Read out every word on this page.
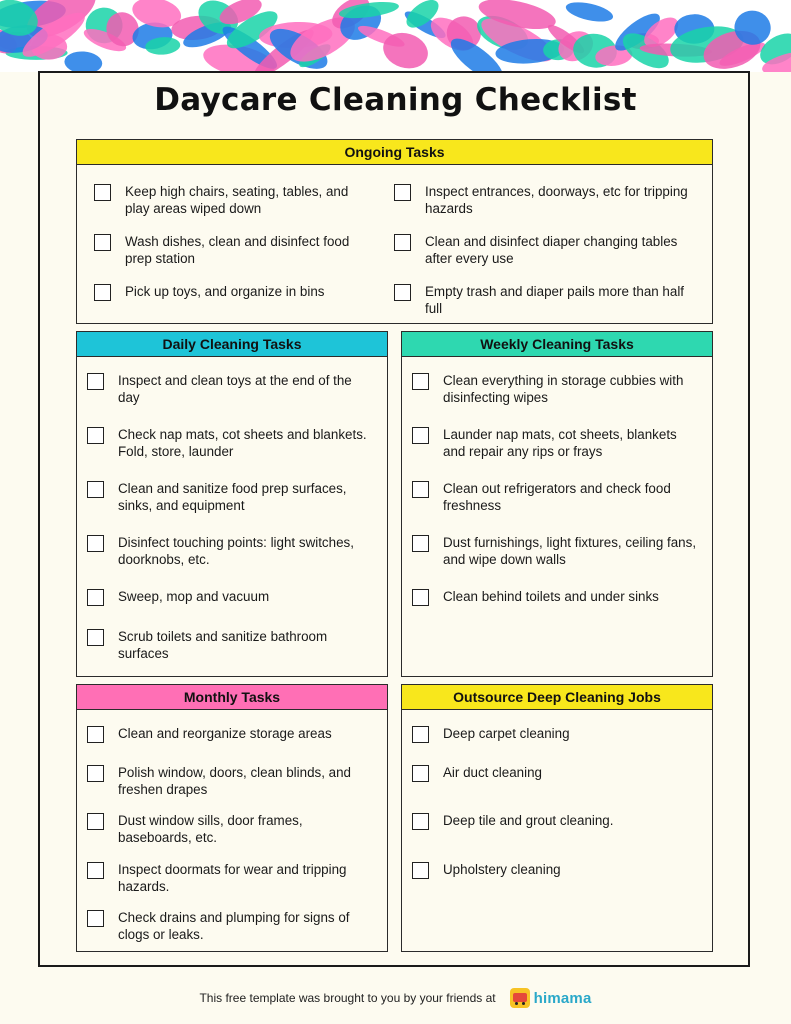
Daycare Cleaning Checklist
Ongoing Tasks
Keep high chairs, seating, tables, and play areas wiped down
Wash dishes, clean and disinfect food prep station
Pick up toys, and organize in bins
Inspect entrances, doorways, etc for tripping hazards
Clean and disinfect diaper changing tables after every use
Empty trash and diaper pails more than half full
Daily Cleaning Tasks
Inspect and clean toys at the end of the day
Check nap mats, cot sheets and blankets. Fold, store, launder
Clean and sanitize food prep surfaces, sinks, and equipment
Disinfect touching points: light switches, doorknobs, etc.
Sweep, mop and vacuum
Scrub toilets and sanitize bathroom surfaces
Weekly Cleaning Tasks
Clean everything in storage cubbies with  disinfecting wipes
Launder nap mats, cot sheets, blankets and repair any rips or frays
Clean out refrigerators and check food freshness
Dust furnishings, light fixtures, ceiling fans, and wipe down walls
Clean behind toilets and under sinks
Monthly Tasks
Clean and reorganize storage areas
Polish window, doors, clean blinds, and freshen drapes
Dust window sills, door frames, baseboards, etc.
Inspect doormats for wear and tripping hazards.
Check drains and plumping for signs of clogs or leaks.
Outsource Deep Cleaning Jobs
Deep carpet cleaning
Air duct cleaning
Deep tile and grout cleaning.
Upholstery cleaning
This free template was brought to you by your friends at	himama
